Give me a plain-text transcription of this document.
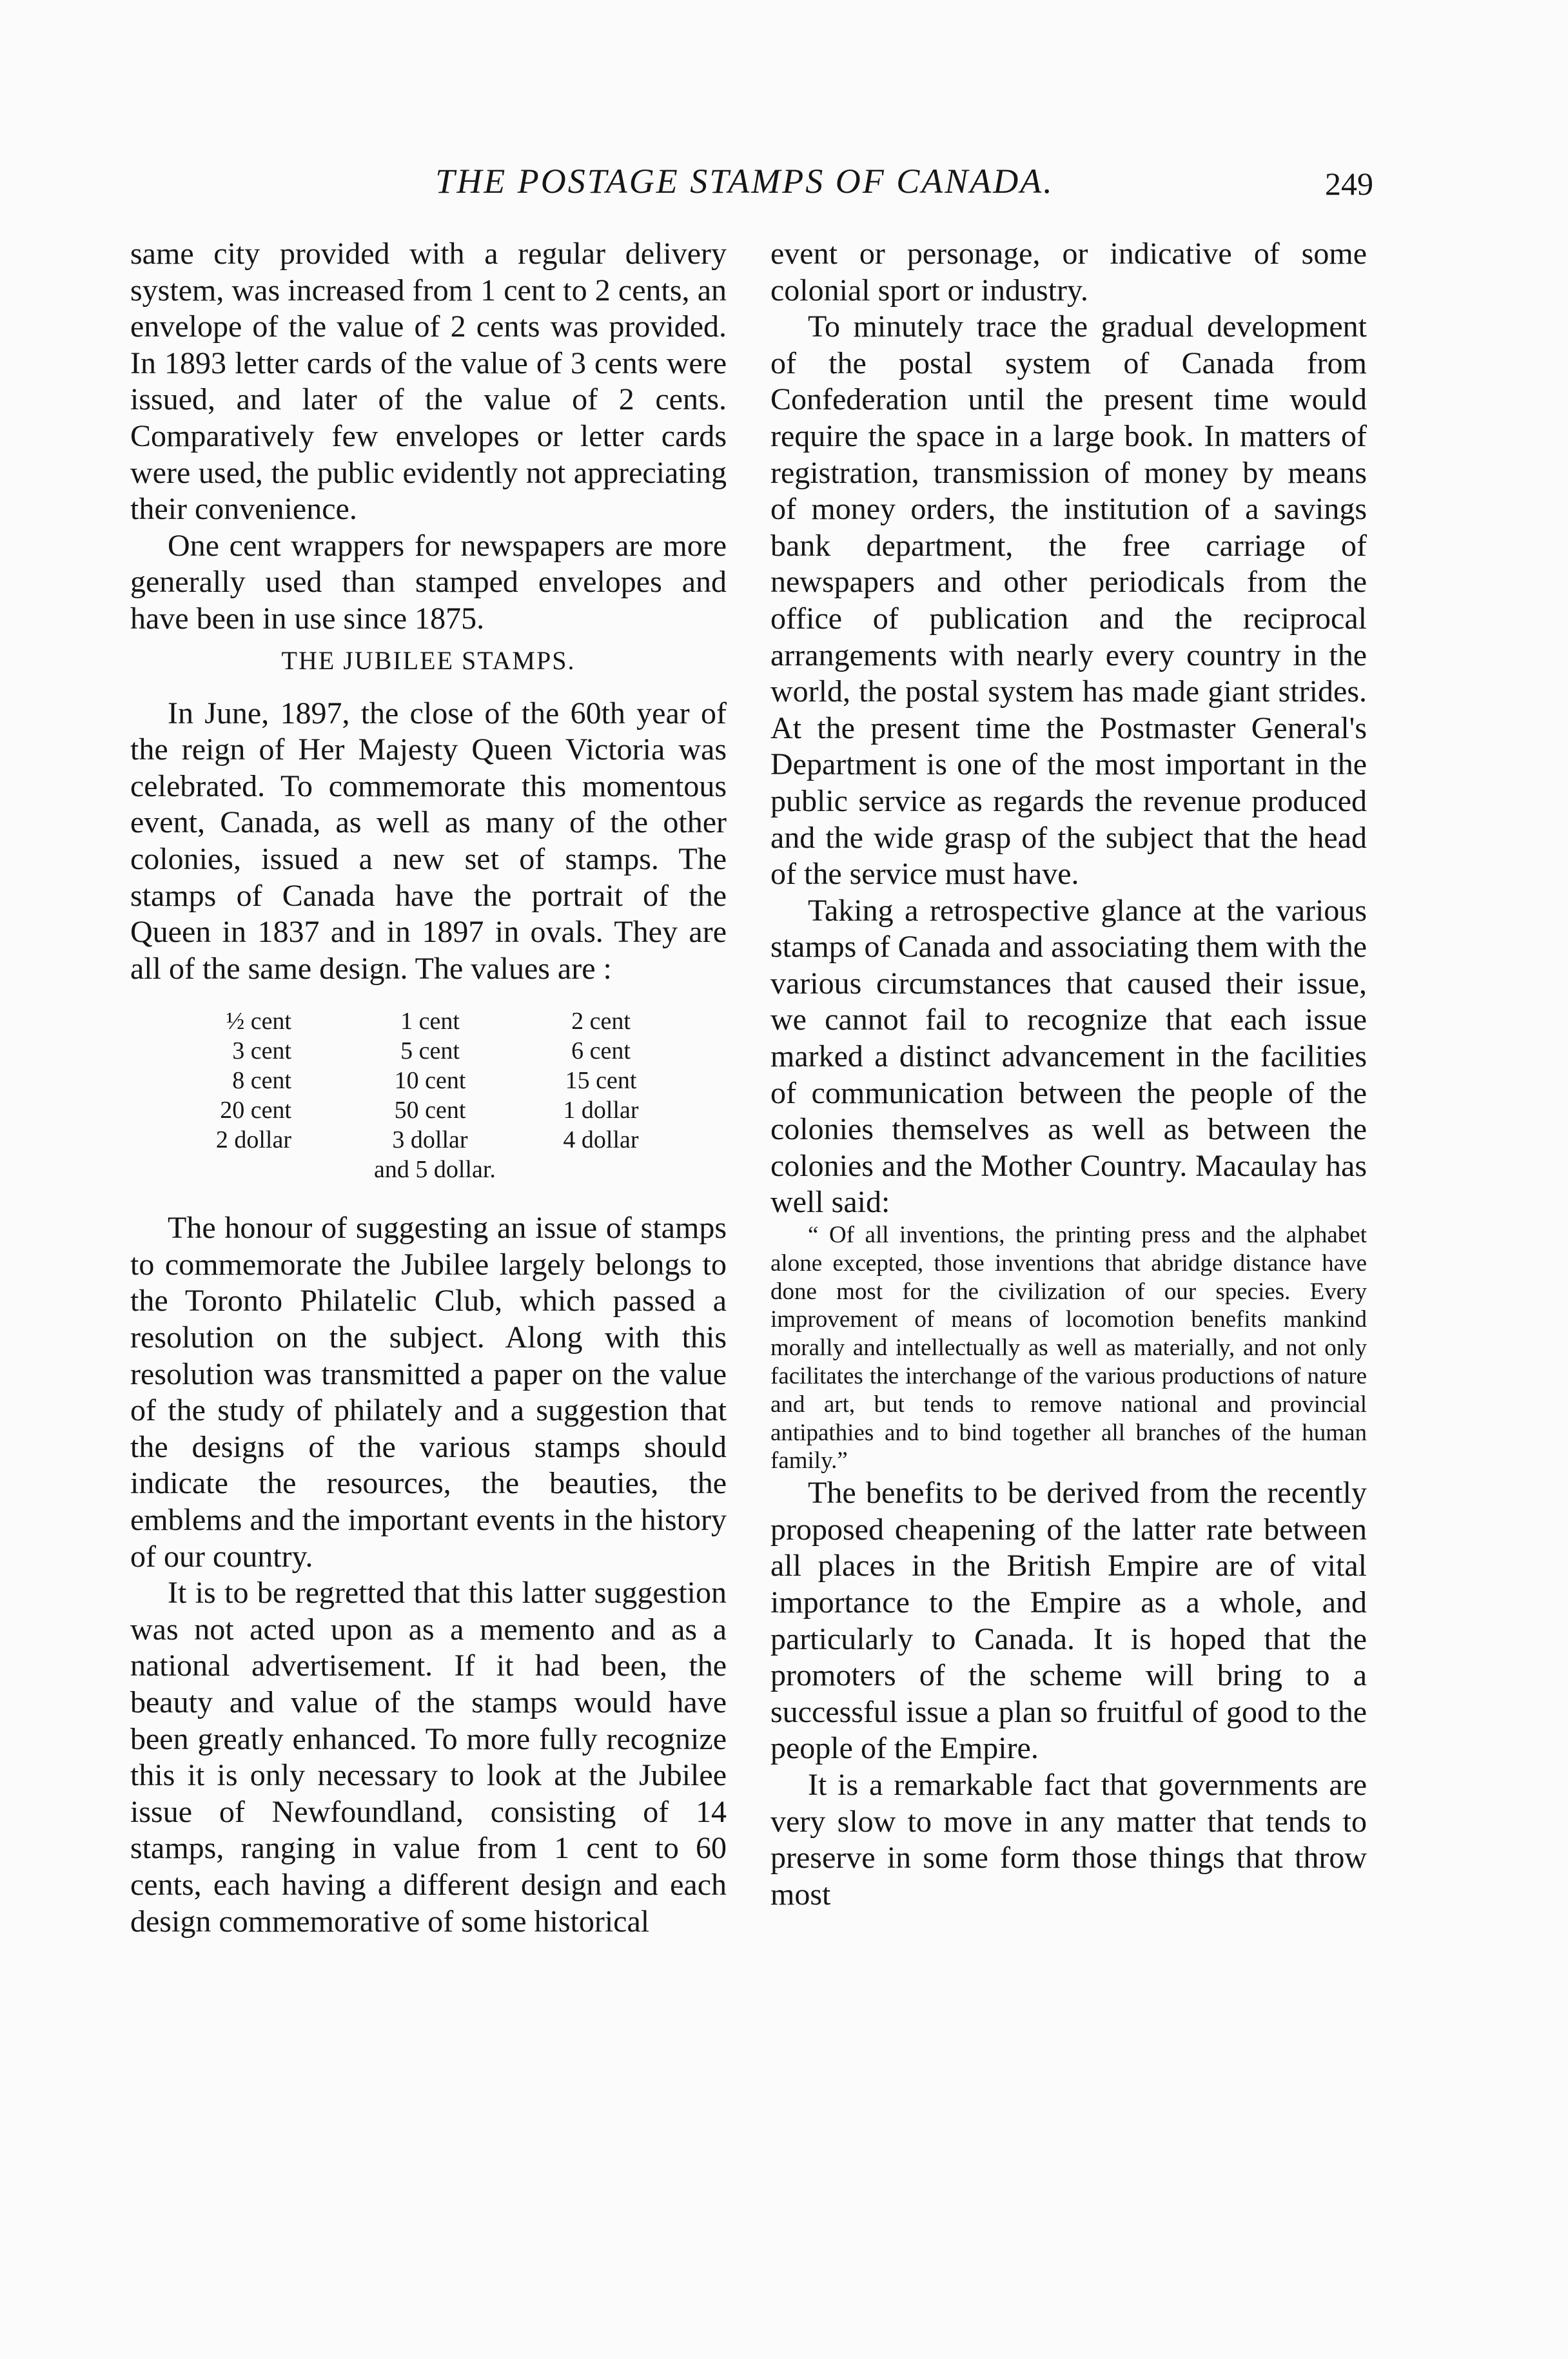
THE POSTAGE STAMPS OF CANADA.	249

same city provided with a regular delivery system, was increased from 1 cent to 2 cents, an envelope of the value of 2 cents was provided. In 1893 letter cards of the value of 3 cents were issued, and later of the value of 2 cents. Comparatively few envelopes or letter cards were used, the public evidently not appreciating their convenience.

One cent wrappers for newspapers are more generally used than stamped envelopes and have been in use since 1875.

THE JUBILEE STAMPS.

In June, 1897, the close of the 60th year of the reign of Her Majesty Queen Victoria was celebrated. To commemorate this momentous event, Canada, as well as many of the other colonies, issued a new set of stamps. The stamps of Canada have the portrait of the Queen in 1837 and in 1897 in ovals. They are all of the same design. The values are :

½ cent	1 cent	2 cent
3 cent	5 cent	6 cent
8 cent	10 cent	15 cent
20 cent	50 cent	1 dollar
2 dollar	3 dollar	4 dollar
and 5 dollar.

The honour of suggesting an issue of stamps to commemorate the Jubilee largely belongs to the Toronto Philatelic Club, which passed a resolution on the subject. Along with this resolution was transmitted a paper on the value of the study of philately and a suggestion that the designs of the various stamps should indicate the resources, the beauties, the emblems and the important events in the history of our country.

It is to be regretted that this latter suggestion was not acted upon as a memento and as a national advertisement. If it had been, the beauty and value of the stamps would have been greatly enhanced. To more fully recognize this it is only necessary to look at the Jubilee issue of Newfoundland, consisting of 14 stamps, ranging in value from 1 cent to 60 cents, each having a different design and each design commemorative of some historical

event or personage, or indicative of some colonial sport or industry.

To minutely trace the gradual development of the postal system of Canada from Confederation until the present time would require the space in a large book. In matters of registration, transmission of money by means of money orders, the institution of a savings bank department, the free carriage of newspapers and other periodicals from the office of publication and the reciprocal arrangements with nearly every country in the world, the postal system has made giant strides. At the present time the Postmaster General's Department is one of the most important in the public service as regards the revenue produced and the wide grasp of the subject that the head of the service must have.

Taking a retrospective glance at the various stamps of Canada and associating them with the various circumstances that caused their issue, we cannot fail to recognize that each issue marked a distinct advancement in the facilities of communication between the people of the colonies themselves as well as between the colonies and the Mother Country. Macaulay has well said:

“ Of all inventions, the printing press and the alphabet alone excepted, those inventions that abridge distance have done most for the civilization of our species. Every improvement of means of locomotion benefits mankind morally and intellectually as well as materially, and not only facilitates the interchange of the various productions of nature and art, but tends to remove national and provincial antipathies and to bind together all branches of the human family.”

The benefits to be derived from the recently proposed cheapening of the latter rate between all places in the British Empire are of vital importance to the Empire as a whole, and particularly to Canada. It is hoped that the promoters of the scheme will bring to a successful issue a plan so fruitful of good to the people of the Empire.

It is a remarkable fact that governments are very slow to move in any matter that tends to preserve in some form those things that throw most
